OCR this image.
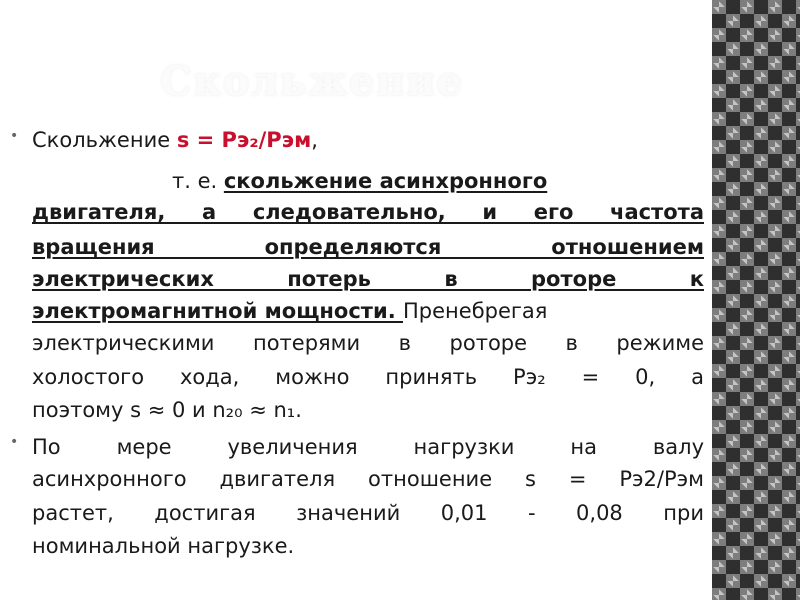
Скольжение
• Скольжение s = Pэ₂/Pэм,
т. е. скольжение асинхронного
двигателя, а следовательно, и его частота
вращения определяются отношением
электрических потерь в роторе к
электромагнитной мощности. Пренебрегая
электрическими потерями в роторе в режиме
холостого хода, можно принять Pэ₂ = 0, а
поэтому s ≈ 0 и n₂₀ ≈ n₁.
• По мере увеличения нагрузки на валу
асинхронного двигателя отношение s = Pэ2/Pэм
растет, достигая значений 0,01 - 0,08 при
номинальной нагрузке.
